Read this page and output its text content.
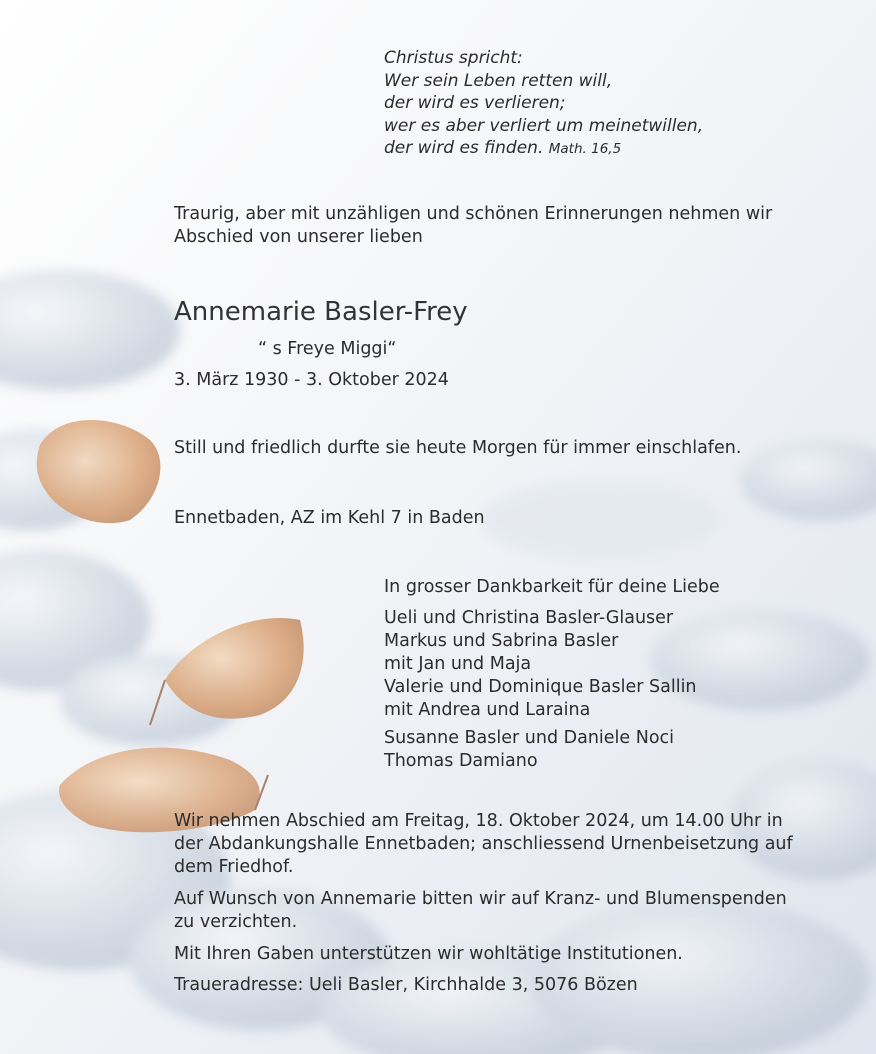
Christus spricht:
Wer sein Leben retten will,
der wird es verlieren;
wer es aber verliert um meinetwillen,
der wird es finden. Math. 16,5
Traurig, aber mit unzähligen und schönen Erinnerungen nehmen wir
Abschied von unserer lieben
Annemarie Basler-Frey
“ s Freye Miggi“
3. März 1930 - 3. Oktober 2024
Still und friedlich durfte sie heute Morgen für immer einschlafen.
Ennetbaden, AZ im Kehl 7 in Baden
In grosser Dankbarkeit für deine Liebe
Ueli und Christina Basler-Glauser
Markus und Sabrina Basler
mit Jan und Maja
Valerie und Dominique Basler Sallin
mit Andrea und Laraina
Susanne Basler und Daniele Noci
Thomas Damiano
Wir nehmen Abschied am Freitag, 18. Oktober 2024, um 14.00 Uhr in
der Abdankungshalle Ennetbaden; anschliessend Urnenbeisetzung auf
dem Friedhof.
Auf Wunsch von Annemarie bitten wir auf Kranz- und Blumenspenden
zu verzichten.
Mit Ihren Gaben unterstützen wir wohltätige Institutionen.
Traueradresse: Ueli Basler, Kirchhalde 3, 5076 Bözen
